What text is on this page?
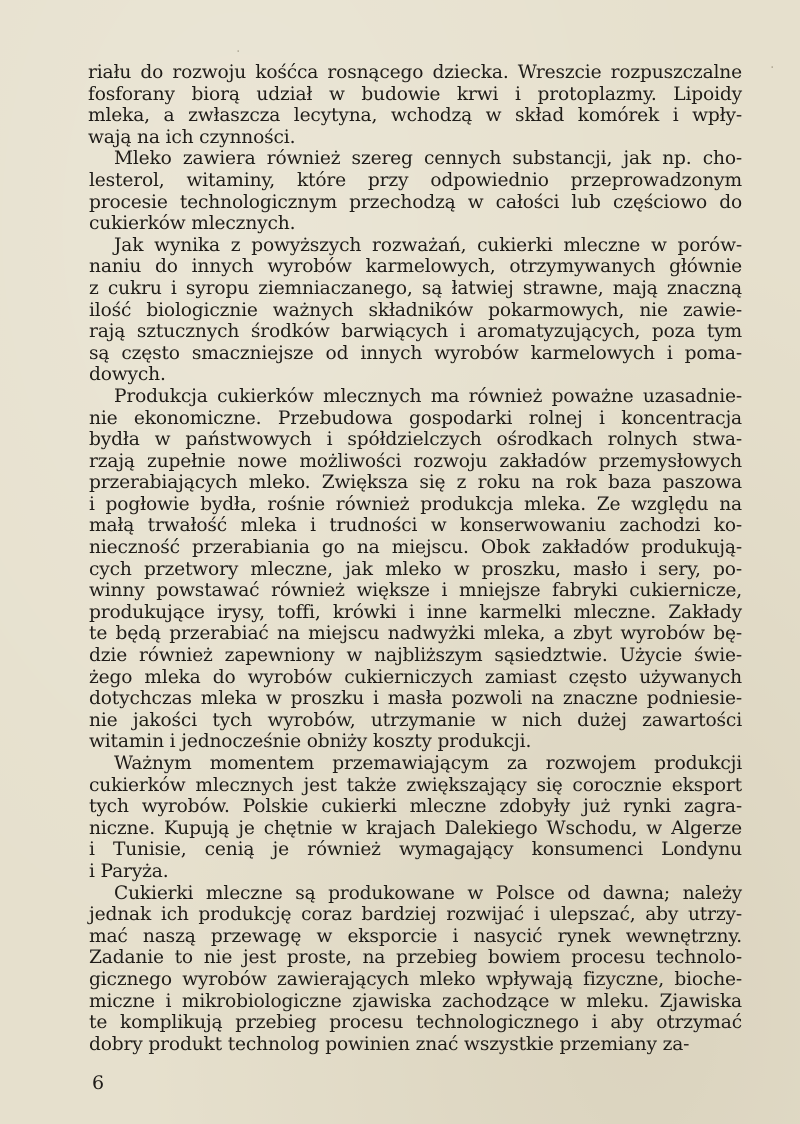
·
·
riału do rozwoju kośćca rosnącego dziecka. Wreszcie rozpuszczalne
fosforany biorą udział w budowie krwi i protoplazmy. Lipoidy
mleka, a zwłaszcza lecytyna, wchodzą w skład komórek i wpły-
wają na ich czynności.
Mleko zawiera również szereg cennych substancji, jak np. cho-
lesterol, witaminy, które przy odpowiednio przeprowadzonym
procesie technologicznym przechodzą w całości lub częściowo do
cukierków mlecznych.
Jak wynika z powyższych rozważań, cukierki mleczne w porów-
naniu do innych wyrobów karmelowych, otrzymywanych głównie
z cukru i syropu ziemniaczanego, są łatwiej strawne, mają znaczną
ilość biologicznie ważnych składników pokarmowych, nie zawie-
rają sztucznych środków barwiących i aromatyzujących, poza tym
są często smaczniejsze od innych wyrobów karmelowych i poma-
dowych.
Produkcja cukierków mlecznych ma również poważne uzasadnie-
nie ekonomiczne. Przebudowa gospodarki rolnej i koncentracja
bydła w państwowych i spółdzielczych ośrodkach rolnych stwa-
rzają zupełnie nowe możliwości rozwoju zakładów przemysłowych
przerabiających mleko. Zwiększa się z roku na rok baza paszowa
i pogłowie bydła, rośnie również produkcja mleka. Ze względu na
małą trwałość mleka i trudności w konserwowaniu zachodzi ko-
nieczność przerabiania go na miejscu. Obok zakładów produkują-
cych przetwory mleczne, jak mleko w proszku, masło i sery, po-
winny powstawać również większe i mniejsze fabryki cukiernicze,
produkujące irysy, toffi, krówki i inne karmelki mleczne. Zakłady
te będą przerabiać na miejscu nadwyżki mleka, a zbyt wyrobów bę-
dzie również zapewniony w najbliższym sąsiedztwie. Użycie świe-
żego mleka do wyrobów cukierniczych zamiast często używanych
dotychczas mleka w proszku i masła pozwoli na znaczne podniesie-
nie jakości tych wyrobów, utrzymanie w nich dużej zawartości
witamin i jednocześnie obniży koszty produkcji.
Ważnym momentem przemawiającym za rozwojem produkcji
cukierków mlecznych jest także zwiększający się corocznie eksport
tych wyrobów. Polskie cukierki mleczne zdobyły już rynki zagra-
niczne. Kupują je chętnie w krajach Dalekiego Wschodu, w Algerze
i Tunisie, cenią je również wymagający konsumenci Londynu
i Paryża.
Cukierki mleczne są produkowane w Polsce od dawna; należy
jednak ich produkcję coraz bardziej rozwijać i ulepszać, aby utrzy-
mać naszą przewagę w eksporcie i nasycić rynek wewnętrzny.
Zadanie to nie jest proste, na przebieg bowiem procesu technolo-
gicznego wyrobów zawierających mleko wpływają fizyczne, bioche-
miczne i mikrobiologiczne zjawiska zachodzące w mleku. Zjawiska
te komplikują przebieg procesu technologicznego i aby otrzymać
dobry produkt technolog powinien znać wszystkie przemiany za-
6
